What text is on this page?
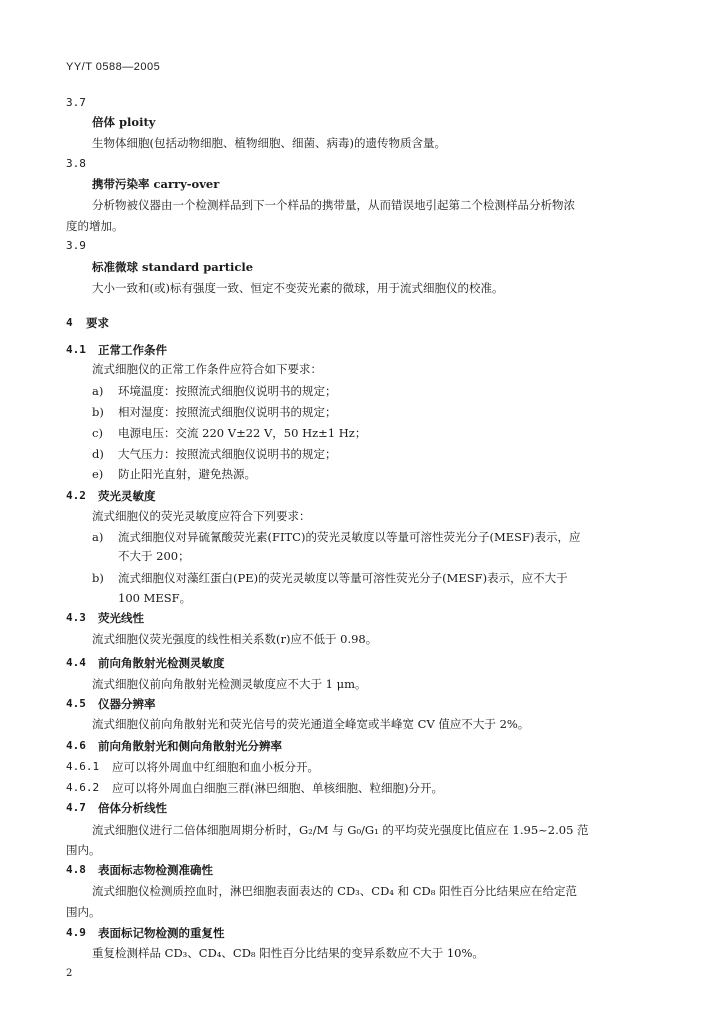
YY/T 0588—2005
3.7
倍体 ploity
生物体细胞(包括动物细胞、植物细胞、细菌、病毒)的遗传物质含量。
3.8
携带污染率 carry-over
分析物被仪器由一个检测样品到下一个样品的携带量，从而错误地引起第二个检测样品分析物浓
度的增加。
3.9
标准微球 standard particle
大小一致和(或)标有强度一致、恒定不变荧光素的微球，用于流式细胞仪的校准。
4 要求
4.1 正常工作条件
流式细胞仪的正常工作条件应符合如下要求：
a) 环境温度：按照流式细胞仪说明书的规定；
b) 相对湿度：按照流式细胞仪说明书的规定；
c) 电源电压：交流 220 V±22 V，50 Hz±1 Hz；
d) 大气压力：按照流式细胞仪说明书的规定；
e) 防止阳光直射，避免热源。
4.2 荧光灵敏度
流式细胞仪的荧光灵敏度应符合下列要求：
a) 流式细胞仪对异硫氰酸荧光素(FITC)的荧光灵敏度以等量可溶性荧光分子(MESF)表示，应
不大于 200；
b) 流式细胞仪对藻红蛋白(PE)的荧光灵敏度以等量可溶性荧光分子(MESF)表示，应不大于
100 MESF。
4.3 荧光线性
流式细胞仪荧光强度的线性相关系数(r)应不低于 0.98。
4.4 前向角散射光检测灵敏度
流式细胞仪前向角散射光检测灵敏度应不大于 1 μm。
4.5 仪器分辨率
流式细胞仪前向角散射光和荧光信号的荧光通道全峰宽或半峰宽 CV 值应不大于 2%。
4.6 前向角散射光和侧向角散射光分辨率
4.6.1 应可以将外周血中红细胞和血小板分开。
4.6.2 应可以将外周血白细胞三群(淋巴细胞、单核细胞、粒细胞)分开。
4.7 倍体分析线性
流式细胞仪进行二倍体细胞周期分析时，G₂/M 与 G₀/G₁ 的平均荧光强度比值应在 1.95~2.05 范
围内。
4.8 表面标志物检测准确性
流式细胞仪检测质控血时，淋巴细胞表面表达的 CD₃、CD₄ 和 CD₈ 阳性百分比结果应在给定范
围内。
4.9 表面标记物检测的重复性
重复检测样品 CD₃、CD₄、CD₈ 阳性百分比结果的变异系数应不大于 10%。
2
